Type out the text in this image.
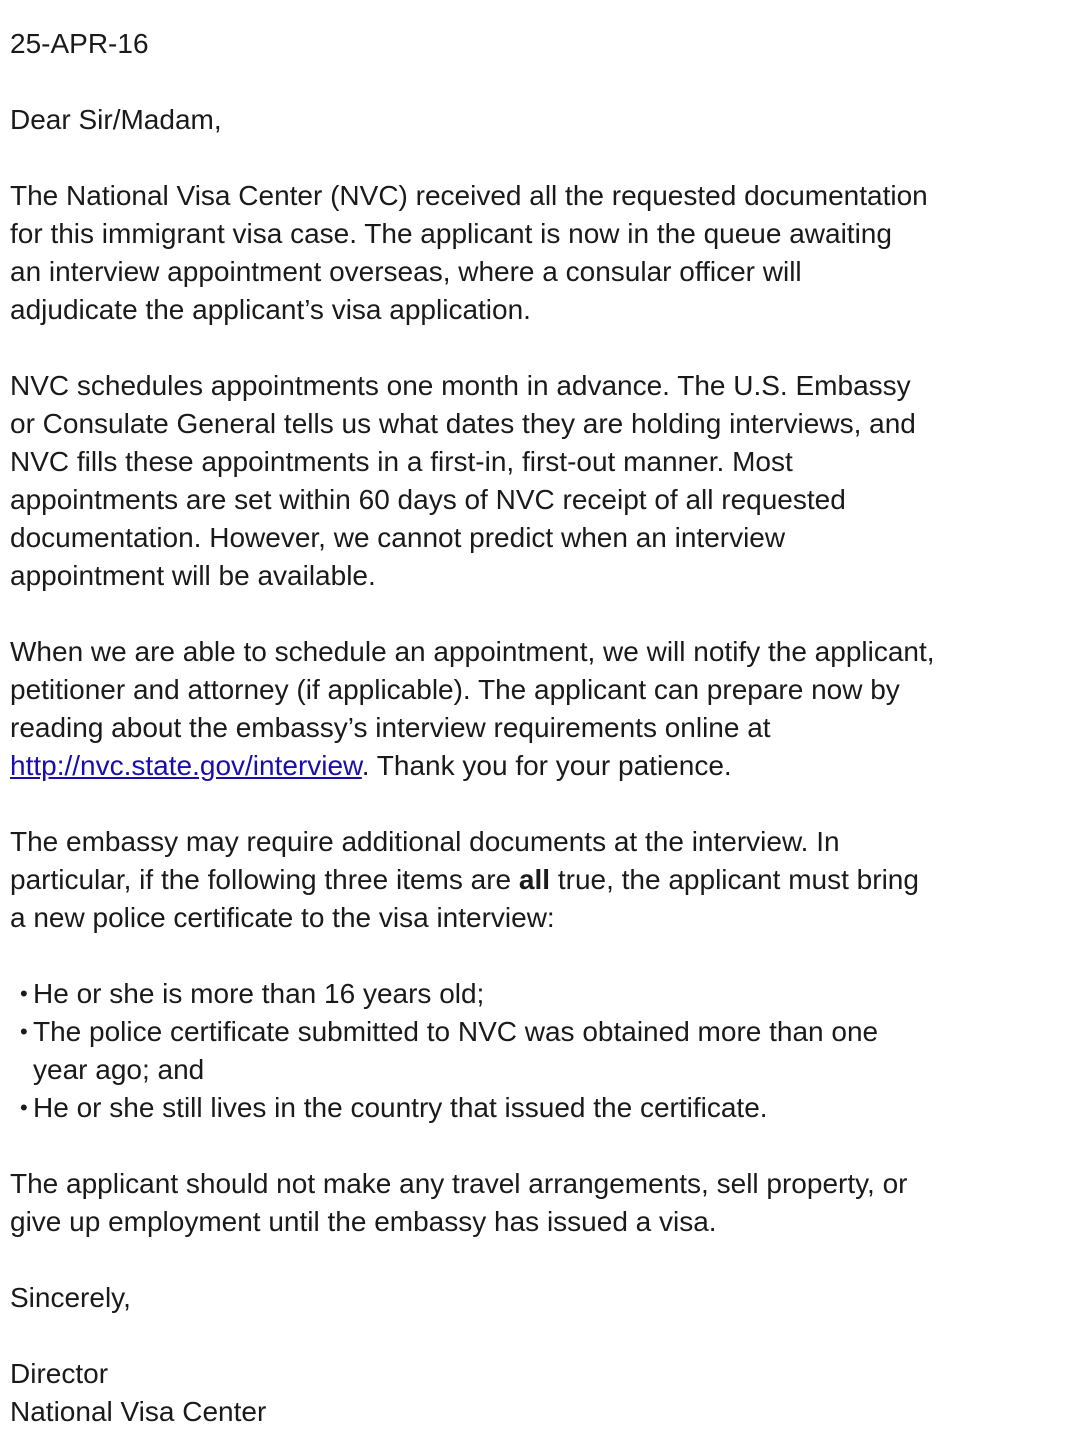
25-APR-16

Dear Sir/Madam,

The National Visa Center (NVC) received all the requested documentation
for this immigrant visa case. The applicant is now in the queue awaiting
an interview appointment overseas, where a consular officer will
adjudicate the applicant’s visa application.

NVC schedules appointments one month in advance. The U.S. Embassy
or Consulate General tells us what dates they are holding interviews, and
NVC fills these appointments in a first-in, first-out manner. Most
appointments are set within 60 days of NVC receipt of all requested
documentation. However, we cannot predict when an interview
appointment will be available.

When we are able to schedule an appointment, we will notify the applicant,
petitioner and attorney (if applicable). The applicant can prepare now by
reading about the embassy’s interview requirements online at
http://nvc.state.gov/interview. Thank you for your patience.

The embassy may require additional documents at the interview. In
particular, if the following three items are all true, the applicant must bring
a new police certificate to the visa interview:

• He or she is more than 16 years old;
• The police certificate submitted to NVC was obtained more than one
year ago; and
• He or she still lives in the country that issued the certificate.

The applicant should not make any travel arrangements, sell property, or
give up employment until the embassy has issued a visa.

Sincerely,

Director
National Visa Center
